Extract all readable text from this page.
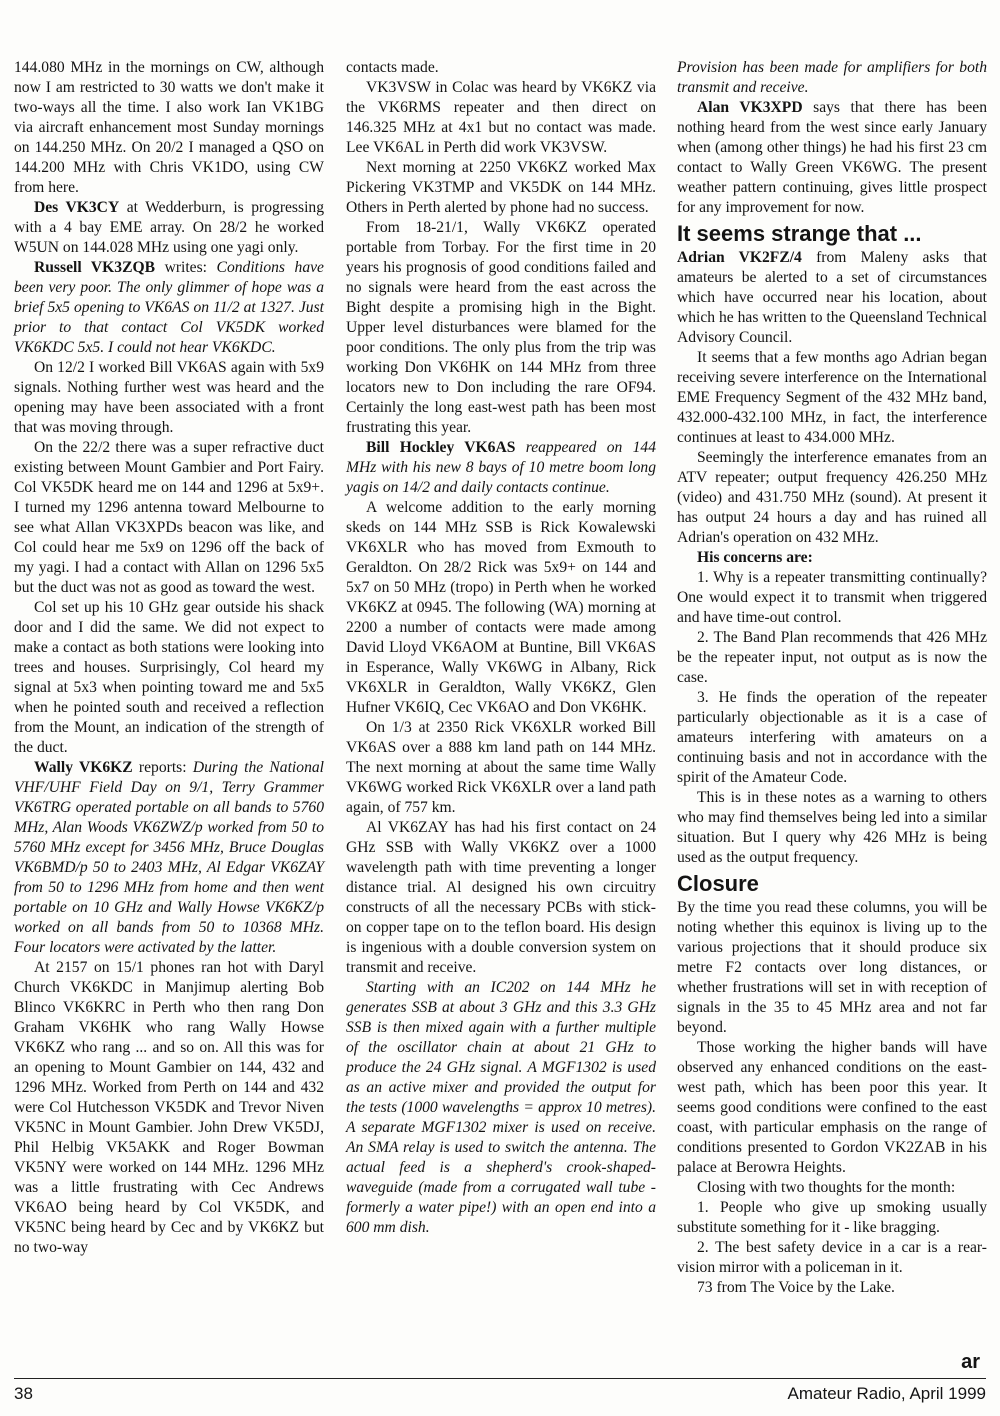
144.080 MHz in the mornings on CW, although now I am restricted to 30 watts we don't make it two-ways all the time. I also work Ian VK1BG via aircraft enhancement most Sunday mornings on 144.250 MHz. On 20/2 I managed a QSO on 144.200 MHz with Chris VK1DO, using CW from here.

Des VK3CY at Wedderburn, is progressing with a 4 bay EME array. On 28/2 he worked W5UN on 144.028 MHz using one yagi only.

Russell VK3ZQB writes: Conditions have been very poor. The only glimmer of hope was a brief 5x5 opening to VK6AS on 11/2 at 1327. Just prior to that contact Col VK5DK worked VK6KDC 5x5. I could not hear VK6KDC.

On 12/2 I worked Bill VK6AS again with 5x9 signals. Nothing further west was heard and the opening may have been associated with a front that was moving through.

On the 22/2 there was a super refractive duct existing between Mount Gambier and Port Fairy. Col VK5DK heard me on 144 and 1296 at 5x9+. I turned my 1296 antenna toward Melbourne to see what Allan VK3XPDs beacon was like, and Col could hear me 5x9 on 1296 off the back of my yagi. I had a contact with Allan on 1296 5x5 but the duct was not as good as toward the west.

Col set up his 10 GHz gear outside his shack door and I did the same. We did not expect to make a contact as both stations were looking into trees and houses. Surprisingly, Col heard my signal at 5x3 when pointing toward me and 5x5 when he pointed south and received a reflection from the Mount, an indication of the strength of the duct.

Wally VK6KZ reports: During the National VHF/UHF Field Day on 9/1, Terry Grammer VK6TRG operated portable on all bands to 5760 MHz, Alan Woods VK6ZWZ/p worked from 50 to 5760 MHz except for 3456 MHz, Bruce Douglas VK6BMD/p 50 to 2403 MHz, Al Edgar VK6ZAY from 50 to 1296 MHz from home and then went portable on 10 GHz and Wally Howse VK6KZ/p worked on all bands from 50 to 10368 MHz. Four locators were activated by the latter.

At 2157 on 15/1 phones ran hot with Daryl Church VK6KDC in Manjimup alerting Bob Blinco VK6KRC in Perth who then rang Don Graham VK6HK who rang Wally Howse VK6KZ who rang ... and so on. All this was for an opening to Mount Gambier on 144, 432 and 1296 MHz. Worked from Perth on 144 and 432 were Col Hutchesson VK5DK and Trevor Niven VK5NC in Mount Gambier. John Drew VK5DJ, Phil Helbig VK5AKK and Roger Bowman VK5NY were worked on 144 MHz. 1296 MHz was a little frustrating with Cec Andrews VK6AO being heard by Col VK5DK, and VK5NC being heard by Cec and by VK6KZ but no two-way

contacts made.

VK3VSW in Colac was heard by VK6KZ via the VK6RMS repeater and then direct on 146.325 MHz at 4x1 but no contact was made. Lee VK6AL in Perth did work VK3VSW.

Next morning at 2250 VK6KZ worked Max Pickering VK3TMP and VK5DK on 144 MHz. Others in Perth alerted by phone had no success.

From 18-21/1, Wally VK6KZ operated portable from Torbay. For the first time in 20 years his prognosis of good conditions failed and no signals were heard from the east across the Bight despite a promising high in the Bight. Upper level disturbances were blamed for the poor conditions. The only plus from the trip was working Don VK6HK on 144 MHz from three locators new to Don including the rare OF94. Certainly the long east-west path has been most frustrating this year.

Bill Hockley VK6AS reappeared on 144 MHz with his new 8 bays of 10 metre boom long yagis on 14/2 and daily contacts continue.

A welcome addition to the early morning skeds on 144 MHz SSB is Rick Kowalewski VK6XLR who has moved from Exmouth to Geraldton. On 28/2 Rick was 5x9+ on 144 and 5x7 on 50 MHz (tropo) in Perth when he worked VK6KZ at 0945. The following (WA) morning at 2200 a number of contacts were made among David Lloyd VK6AOM at Buntine, Bill VK6AS in Esperance, Wally VK6WG in Albany, Rick VK6XLR in Geraldton, Wally VK6KZ, Glen Hufner VK6IQ, Cec VK6AO and Don VK6HK.

On 1/3 at 2350 Rick VK6XLR worked Bill VK6AS over a 888 km land path on 144 MHz. The next morning at about the same time Wally VK6WG worked Rick VK6XLR over a land path again, of 757 km.

Al VK6ZAY has had his first contact on 24 GHz SSB with Wally VK6KZ over a 1000 wavelength path with time preventing a longer distance trial. Al designed his own circuitry constructs of all the necessary PCBs with stick-on copper tape on to the teflon board. His design is ingenious with a double conversion system on transmit and receive.

Starting with an IC202 on 144 MHz he generates SSB at about 3 GHz and this 3.3 GHz SSB is then mixed again with a further multiple of the oscillator chain at about 21 GHz to produce the 24 GHz signal. A MGF1302 is used as an active mixer and provided the output for the tests (1000 wavelengths = approx 10 metres). A separate MGF1302 mixer is used on receive. An SMA relay is used to switch the antenna. The actual feed is a shepherd's crook-shaped-waveguide (made from a corrugated wall tube - formerly a water pipe!) with an open end into a 600 mm dish.

Provision has been made for amplifiers for both transmit and receive.

Alan VK3XPD says that there has been nothing heard from the west since early January when (among other things) he had his first 23 cm contact to Wally Green VK6WG. The present weather pattern continuing, gives little prospect for any improvement for now.

It seems strange that ...

Adrian VK2FZ/4 from Maleny asks that amateurs be alerted to a set of circumstances which have occurred near his location, about which he has written to the Queensland Technical Advisory Council.

It seems that a few months ago Adrian began receiving severe interference on the International EME Frequency Segment of the 432 MHz band, 432.000-432.100 MHz, in fact, the interference continues at least to 434.000 MHz.

Seemingly the interference emanates from an ATV repeater; output frequency 426.250 MHz (video) and 431.750 MHz (sound). At present it has output 24 hours a day and has ruined all Adrian's operation on 432 MHz.

His concerns are:

1. Why is a repeater transmitting continually? One would expect it to transmit when triggered and have time-out control.

2. The Band Plan recommends that 426 MHz be the repeater input, not output as is now the case.

3. He finds the operation of the repeater particularly objectionable as it is a case of amateurs interfering with amateurs on a continuing basis and not in accordance with the spirit of the Amateur Code.

This is in these notes as a warning to others who may find themselves being led into a similar situation. But I query why 426 MHz is being used as the output frequency.

Closure

By the time you read these columns, you will be noting whether this equinox is living up to the various projections that it should produce six metre F2 contacts over long distances, or whether frustrations will set in with reception of signals in the 35 to 45 MHz area and not far beyond.

Those working the higher bands will have observed any enhanced conditions on the east-west path, which has been poor this year. It seems good conditions were confined to the east coast, with particular emphasis on the range of conditions presented to Gordon VK2ZAB in his palace at Berowra Heights.

Closing with two thoughts for the month:

1. People who give up smoking usually substitute something for it - like bragging.

2. The best safety device in a car is a rear-vision mirror with a policeman in it.

73 from The Voice by the Lake.

ar
38	Amateur Radio, April 1999
